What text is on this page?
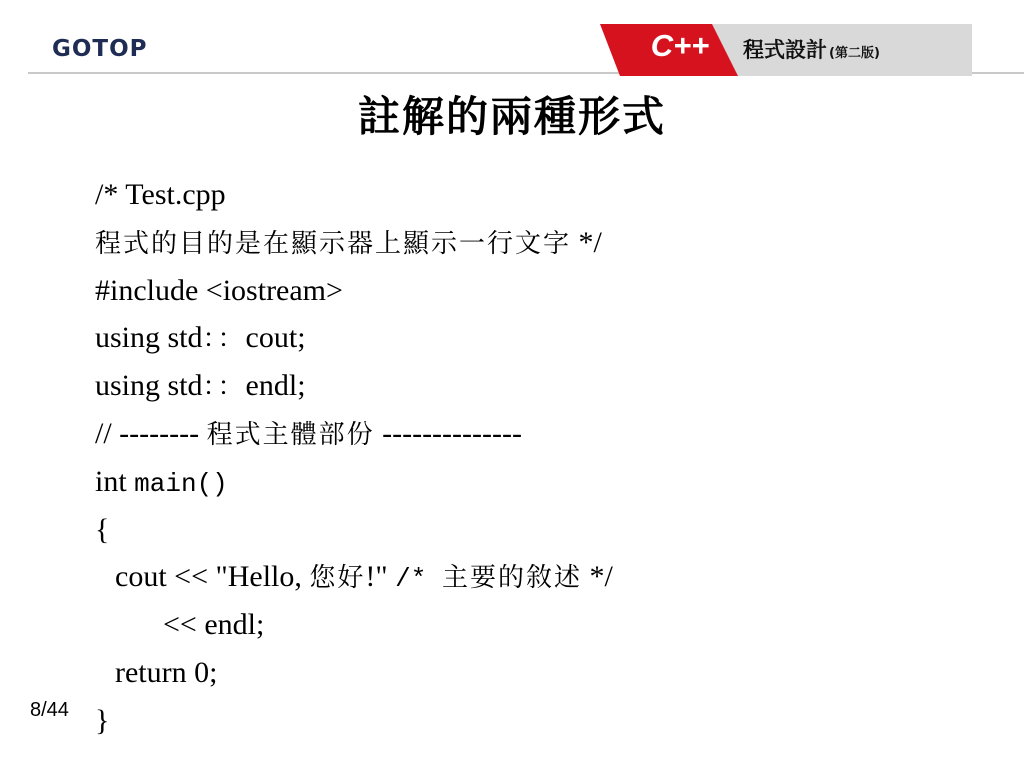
GOTOP	C++	程式設計 (第二版)
註解的兩種形式
/* Test.cpp
程式的目的是在顯示器上顯示一行文字 */
#include <iostream>
using std：：cout;
using std：：endl;
// -------- 程式主體部份 --------------
int main()
{
cout << "Hello, 您好!" /* 主要的敘述 */
<< endl;
return 0;
}
8/44
